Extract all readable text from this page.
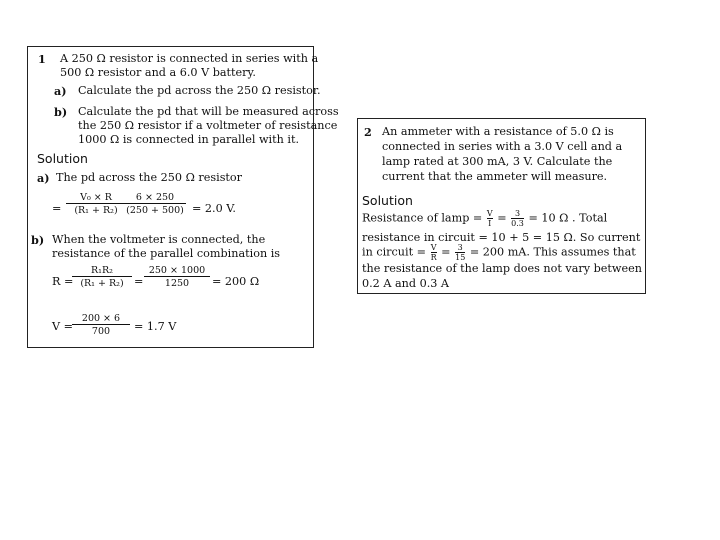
1 A 250 Ω resistor is connected in series with a
500 Ω resistor and a 6.0 V battery.
a) Calculate the pd across the 250 Ω resistor.
b) Calculate the pd that will be measured across
the 250 Ω resistor if a voltmeter of resistance
1000 Ω is connected in parallel with it.
Solution
a) The pd across the 250 Ω resistor
=
V₀ × R
(R₁ + R₂)
6 × 250
(250 + 500) = 2.0 V.
b) When the voltmeter is connected, the
resistance of the parallel combination is
R =
R₁R₂
(R₁ + R₂) =
250 × 1000
1250	= 200 Ω
V =
200 × 6
700	= 1.7 V
2 An ammeter with a resistance of 5.0 Ω is
connected in series with a 3.0 V cell and a
lamp rated at 300 mA, 3 V. Calculate the
current that the ammeter will measure.
Solution
Resistance of lamp = $\frac{V}{I} = \frac{3}{0.3} = 10$ Ω . Total
resistance in circuit = 10 + 5 = 15 Ω. So current
in circuit = $\frac{V}{R} = \frac{3}{15} = 200$ mA. This assumes that
the resistance of the lamp does not vary between
0.2 A and 0.3 A
